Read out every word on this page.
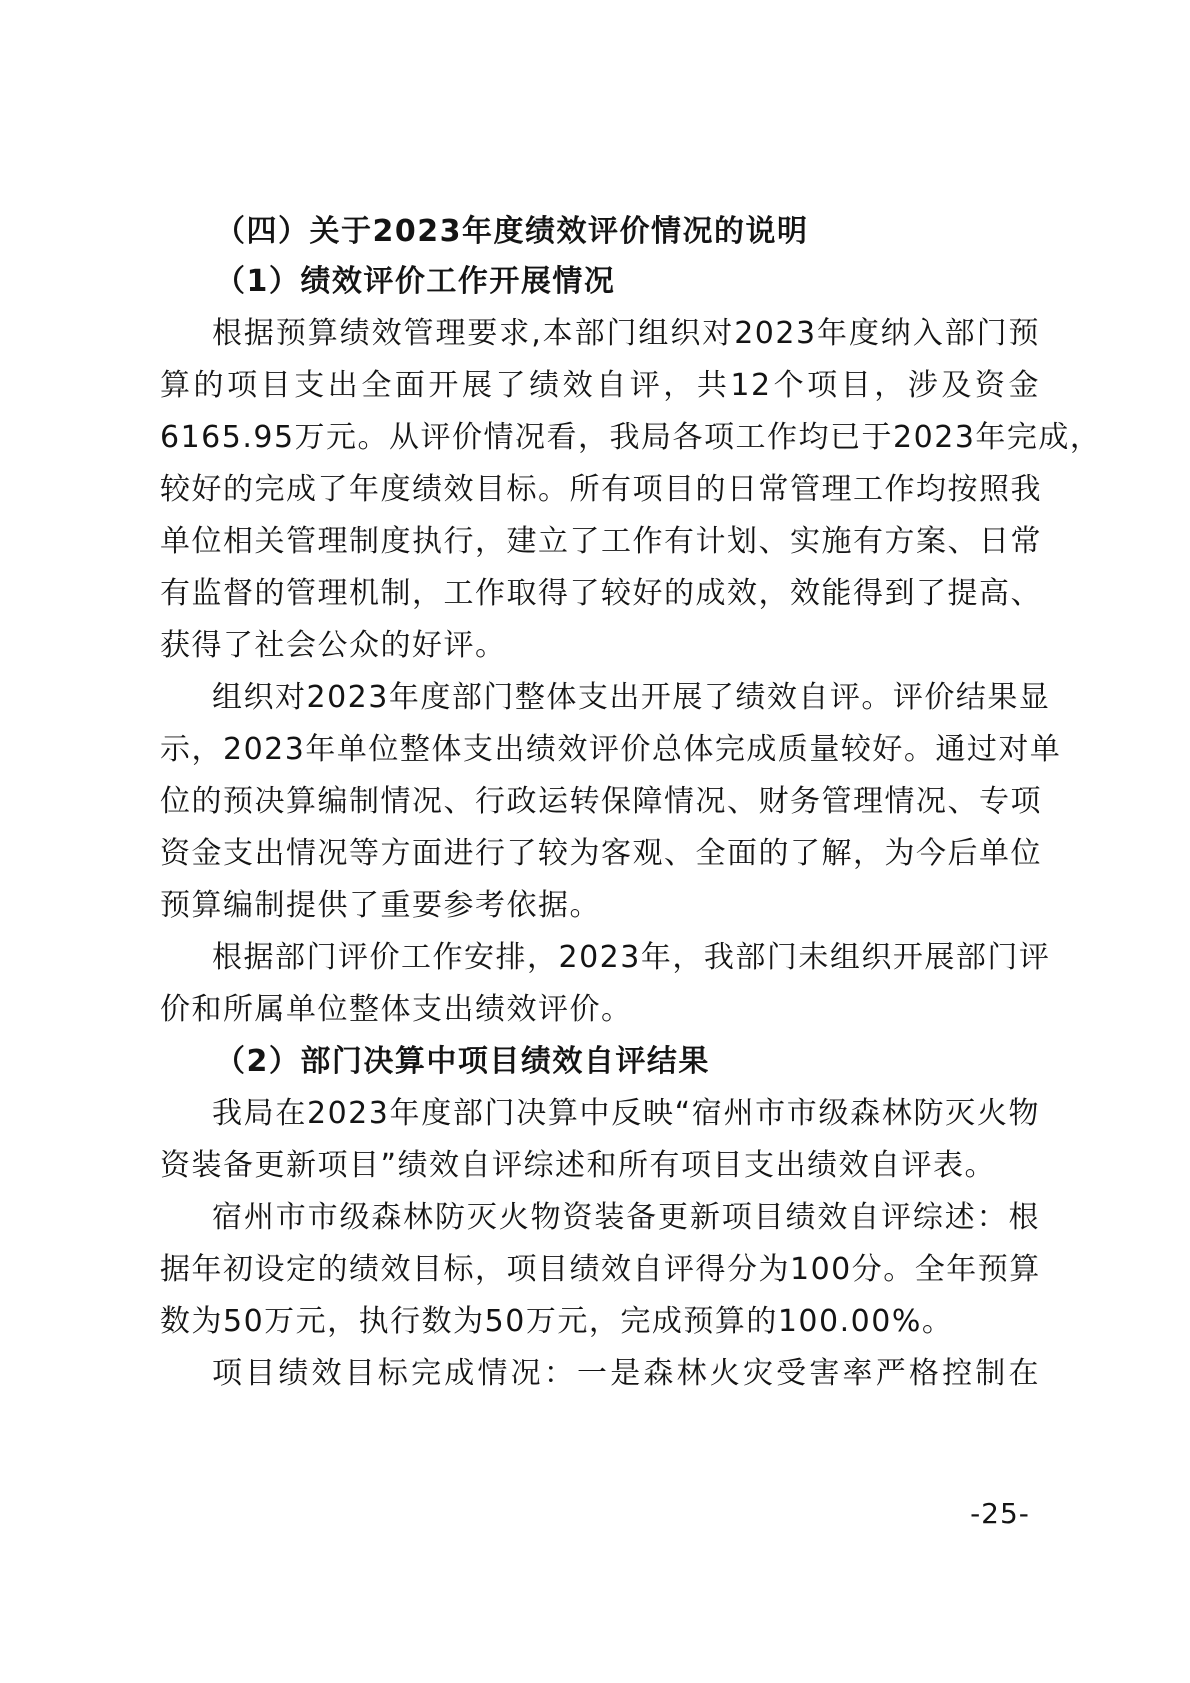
（四）关于2023年度绩效评价情况的说明

（1）绩效评价工作开展情况

根据预算绩效管理要求,本部门组织对2023年度纳入部门预

算的项目支出全面开展了绩效自评，共12个项目，涉及资金

6165.95万元。从评价情况看，我局各项工作均已于2023年完成，

较好的完成了年度绩效目标。所有项目的日常管理工作均按照我

单位相关管理制度执行，建立了工作有计划、实施有方案、日常

有监督的管理机制，工作取得了较好的成效，效能得到了提高、

获得了社会公众的好评。

组织对2023年度部门整体支出开展了绩效自评。评价结果显

示，2023年单位整体支出绩效评价总体完成质量较好。通过对单

位的预决算编制情况、行政运转保障情况、财务管理情况、专项

资金支出情况等方面进行了较为客观、全面的了解，为今后单位

预算编制提供了重要参考依据。

根据部门评价工作安排，2023年，我部门未组织开展部门评

价和所属单位整体支出绩效评价。

（2）部门决算中项目绩效自评结果

我局在2023年度部门决算中反映“宿州市市级森林防灭火物

资装备更新项目”绩效自评综述和所有项目支出绩效自评表。

宿州市市级森林防灭火物资装备更新项目绩效自评综述：根

据年初设定的绩效目标，项目绩效自评得分为100分。全年预算

数为50万元，执行数为50万元，完成预算的100.00%。

项目绩效目标完成情况：一是森林火灾受害率严格控制在

-25-
